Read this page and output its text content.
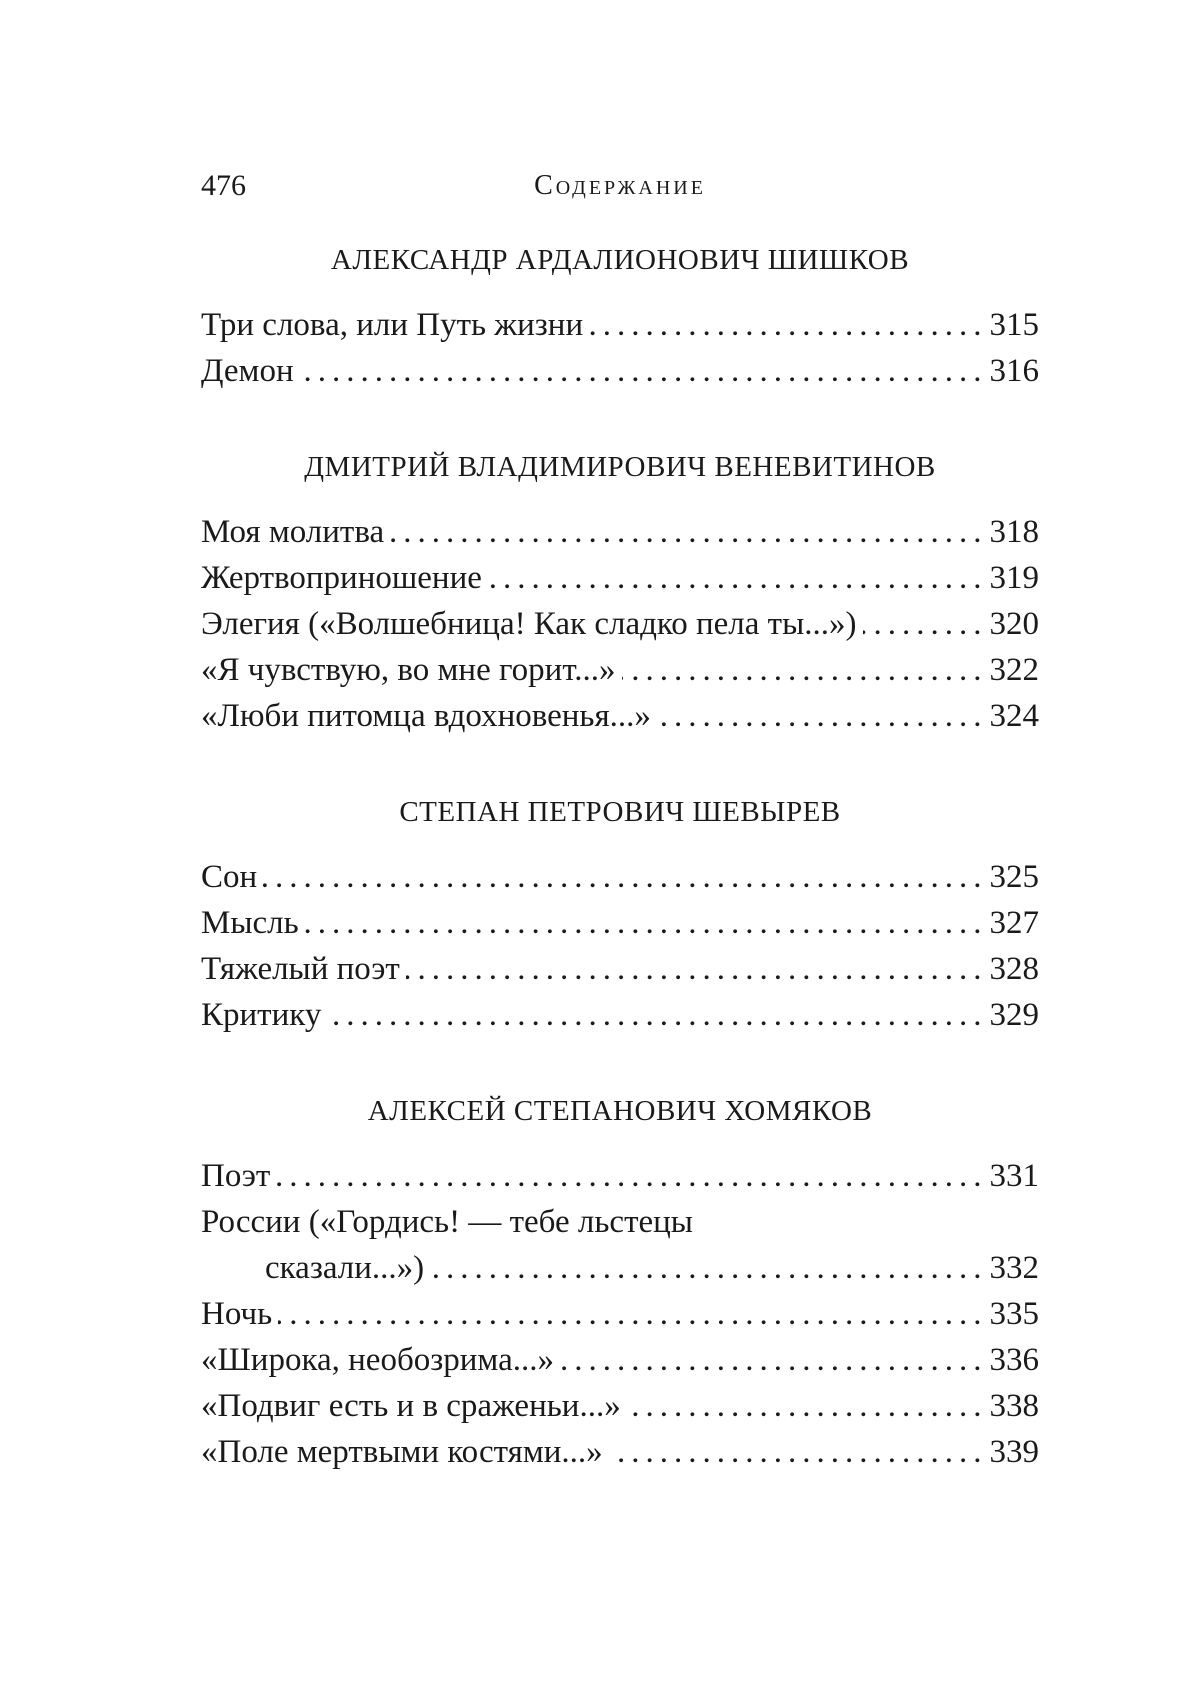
476	Содержание
АЛЕКСАНДР АРДАЛИОНОВИЧ ШИШКОВ
Три слова, или Путь жизни .....	315
Демон .....	316
ДМИТРИЙ ВЛАДИМИРОВИЧ ВЕНЕВИТИНОВ
Моя молитва .....	318
Жертвоприношение .....	319
Элегия («Волшебница! Как сладко пела ты...») .....	320
«Я чувствую, во мне горит...» .....	322
«Люби питомца вдохновенья...» .....	324
СТЕПАН ПЕТРОВИЧ ШЕВЫРЕВ
Сон .....	325
Мысль .....	327
Тяжелый поэт .....	328
Критику .....	329
АЛЕКСЕЙ СТЕПАНОВИЧ ХОМЯКОВ
Поэт .....	331
России («Гордись! — тебе льстецы
сказали...») .....	332
Ночь .....	335
«Широка, необозрима...» .....	336
«Подвиг есть и в сраженьи...» .....	338
«Поле мертвыми костями...» .....	339
